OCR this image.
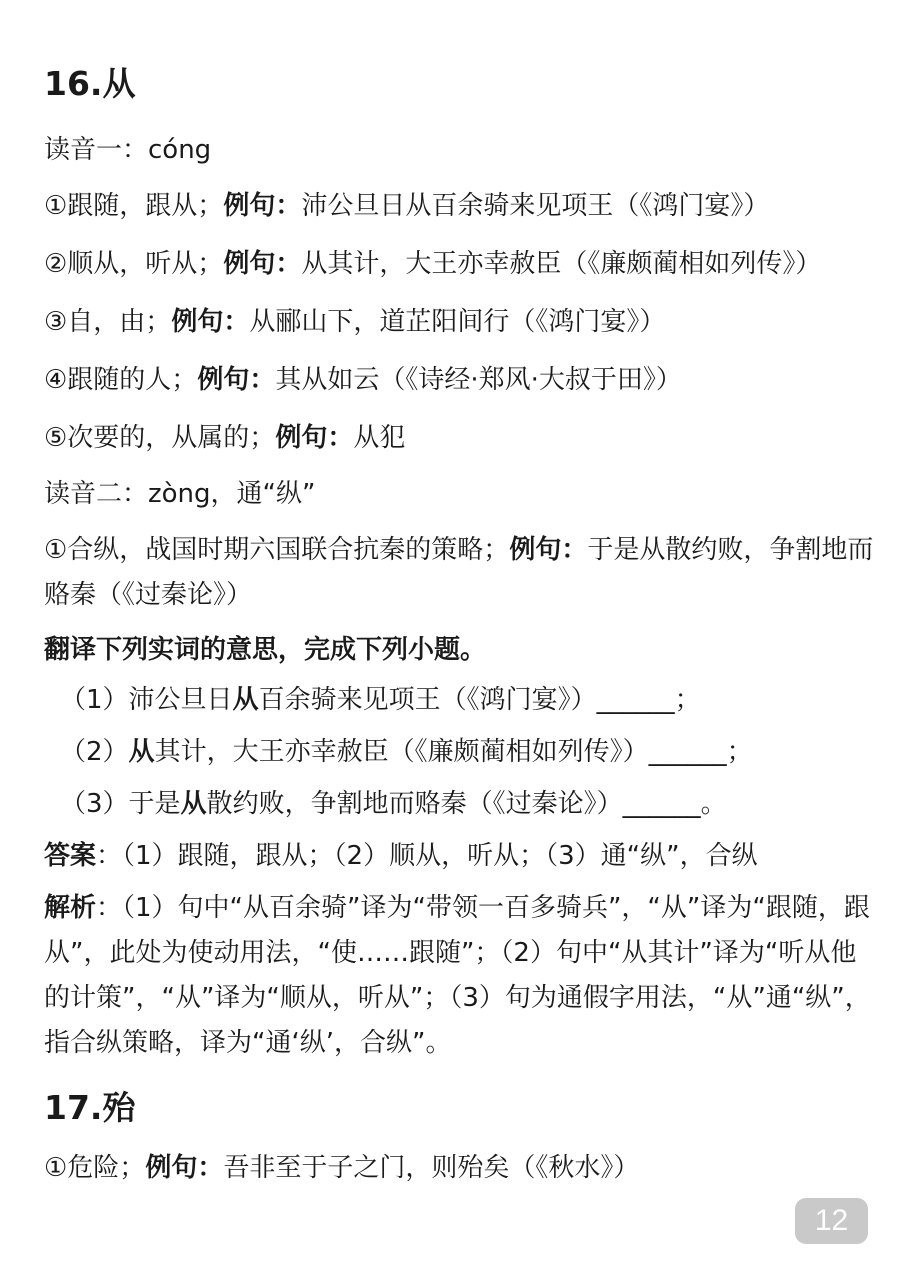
16.从
读音一：cóng
①跟随，跟从；例句：沛公旦日从百余骑来见项王（《鸿门宴》）
②顺从，听从；例句：从其计，大王亦幸赦臣（《廉颇蔺相如列传》）
③自，由；例句：从郦山下，道芷阳间行（《鸿门宴》）
④跟随的人；例句：其从如云（《诗经·郑风·大叔于田》）
⑤次要的，从属的；例句：从犯
读音二：zòng，通“纵”
①合纵，战国时期六国联合抗秦的策略；例句：于是从散约败，争割地而赂秦（《过秦论》）
翻译下列实词的意思，完成下列小题。
（1）沛公旦日从百余骑来见项王（《鸿门宴》）______；
（2）从其计，大王亦幸赦臣（《廉颇蔺相如列传》）______；
（3）于是从散约败，争割地而赂秦（《过秦论》）______。
答案：（1）跟随，跟从；（2）顺从，听从；（3）通“纵”，合纵
解析：（1）句中“从百余骑”译为“带领一百多骑兵”，“从”译为“跟随，跟从”，此处为使动用法，“使……跟随”；（2）句中“从其计”译为“听从他的计策”，“从”译为“顺从，听从”；（3）句为通假字用法，“从”通“纵”，指合纵策略，译为“通‘纵’，合纵”。
17.殆
①危险；例句：吾非至于子之门，则殆矣（《秋水》）
12
